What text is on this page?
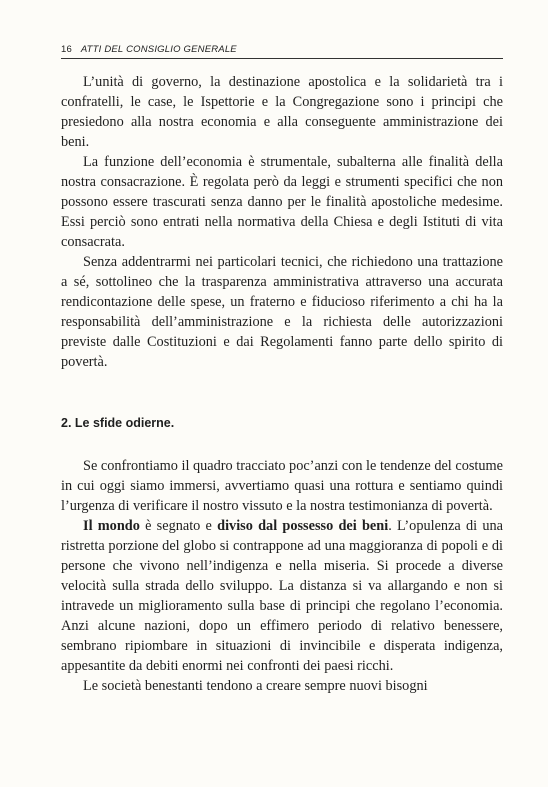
16 ATTI DEL CONSIGLIO GENERALE

L’unità di governo, la destinazione apostolica e la solidarietà tra i confratelli, le case, le Ispettorie e la Congregazione sono i principi che presiedono alla nostra economia e alla conseguente amministrazione dei beni.

La funzione dell’economia è strumentale, subalterna alle finalità della nostra consacrazione. È regolata però da leggi e strumenti specifici che non possono essere trascurati senza danno per le finalità apostoliche medesime. Essi perciò sono entrati nella normativa della Chiesa e degli Istituti di vita consacrata.

Senza addentrarmi nei particolari tecnici, che richiedono una trattazione a sé, sottolineo che la trasparenza amministrativa attraverso una accurata rendicontazione delle spese, un fraterno e fiducioso riferimento a chi ha la responsabilità dell’amministrazione e la richiesta delle autorizzazioni previste dalle Costituzioni e dai Regolamenti fanno parte dello spirito di povertà.

2. Le sfide odierne.

Se confrontiamo il quadro tracciato poc’anzi con le tendenze del costume in cui oggi siamo immersi, avvertiamo quasi una rottura e sentiamo quindi l’urgenza di verificare il nostro vissuto e la nostra testimonianza di povertà.

Il mondo è segnato e diviso dal possesso dei beni. L’opulenza di una ristretta porzione del globo si contrappone ad una maggioranza di popoli e di persone che vivono nell’indigenza e nella miseria. Si procede a diverse velocità sulla strada dello sviluppo. La distanza si va allargando e non si intravede un miglioramento sulla base di principi che regolano l’economia. Anzi alcune nazioni, dopo un effimero periodo di relativo benessere, sembrano ripiombare in situazioni di invincibile e disperata indigenza, appesantite da debiti enormi nei confronti dei paesi ricchi.

Le società benestanti tendono a creare sempre nuovi bisogni
